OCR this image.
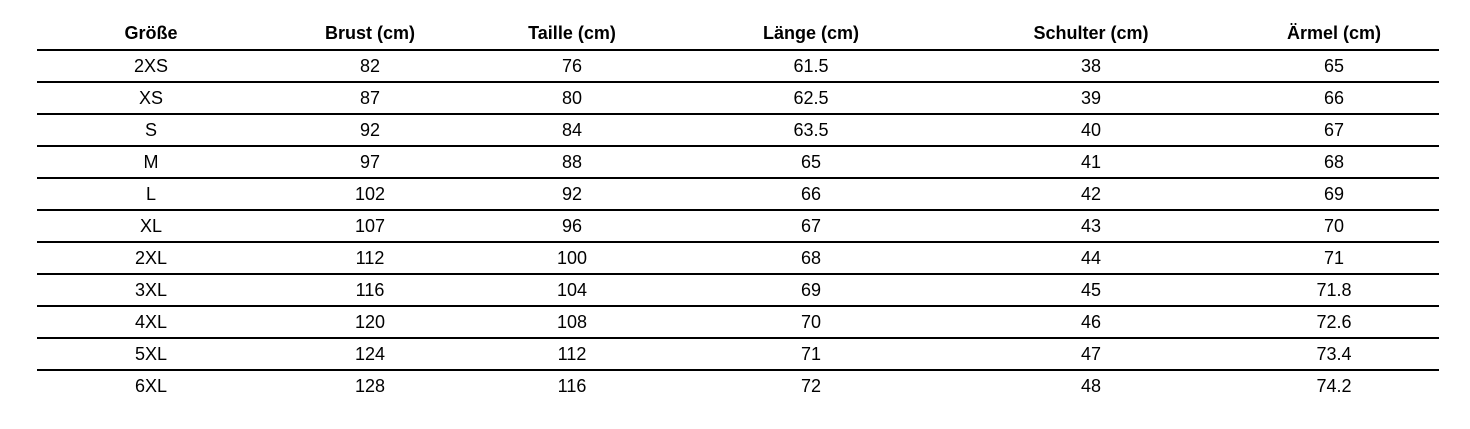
Größe	Brust (cm)	Taille (cm)	Länge (cm)	Schulter (cm)	Ärmel (cm)
2XS	82	76	61.5	38	65
XS	87	80	62.5	39	66
S	92	84	63.5	40	67
M	97	88	65	41	68
L	102	92	66	42	69
XL	107	96	67	43	70
2XL	112	100	68	44	71
3XL	116	104	69	45	71.8
4XL	120	108	70	46	72.6
5XL	124	112	71	47	73.4
6XL	128	116	72	48	74.2
